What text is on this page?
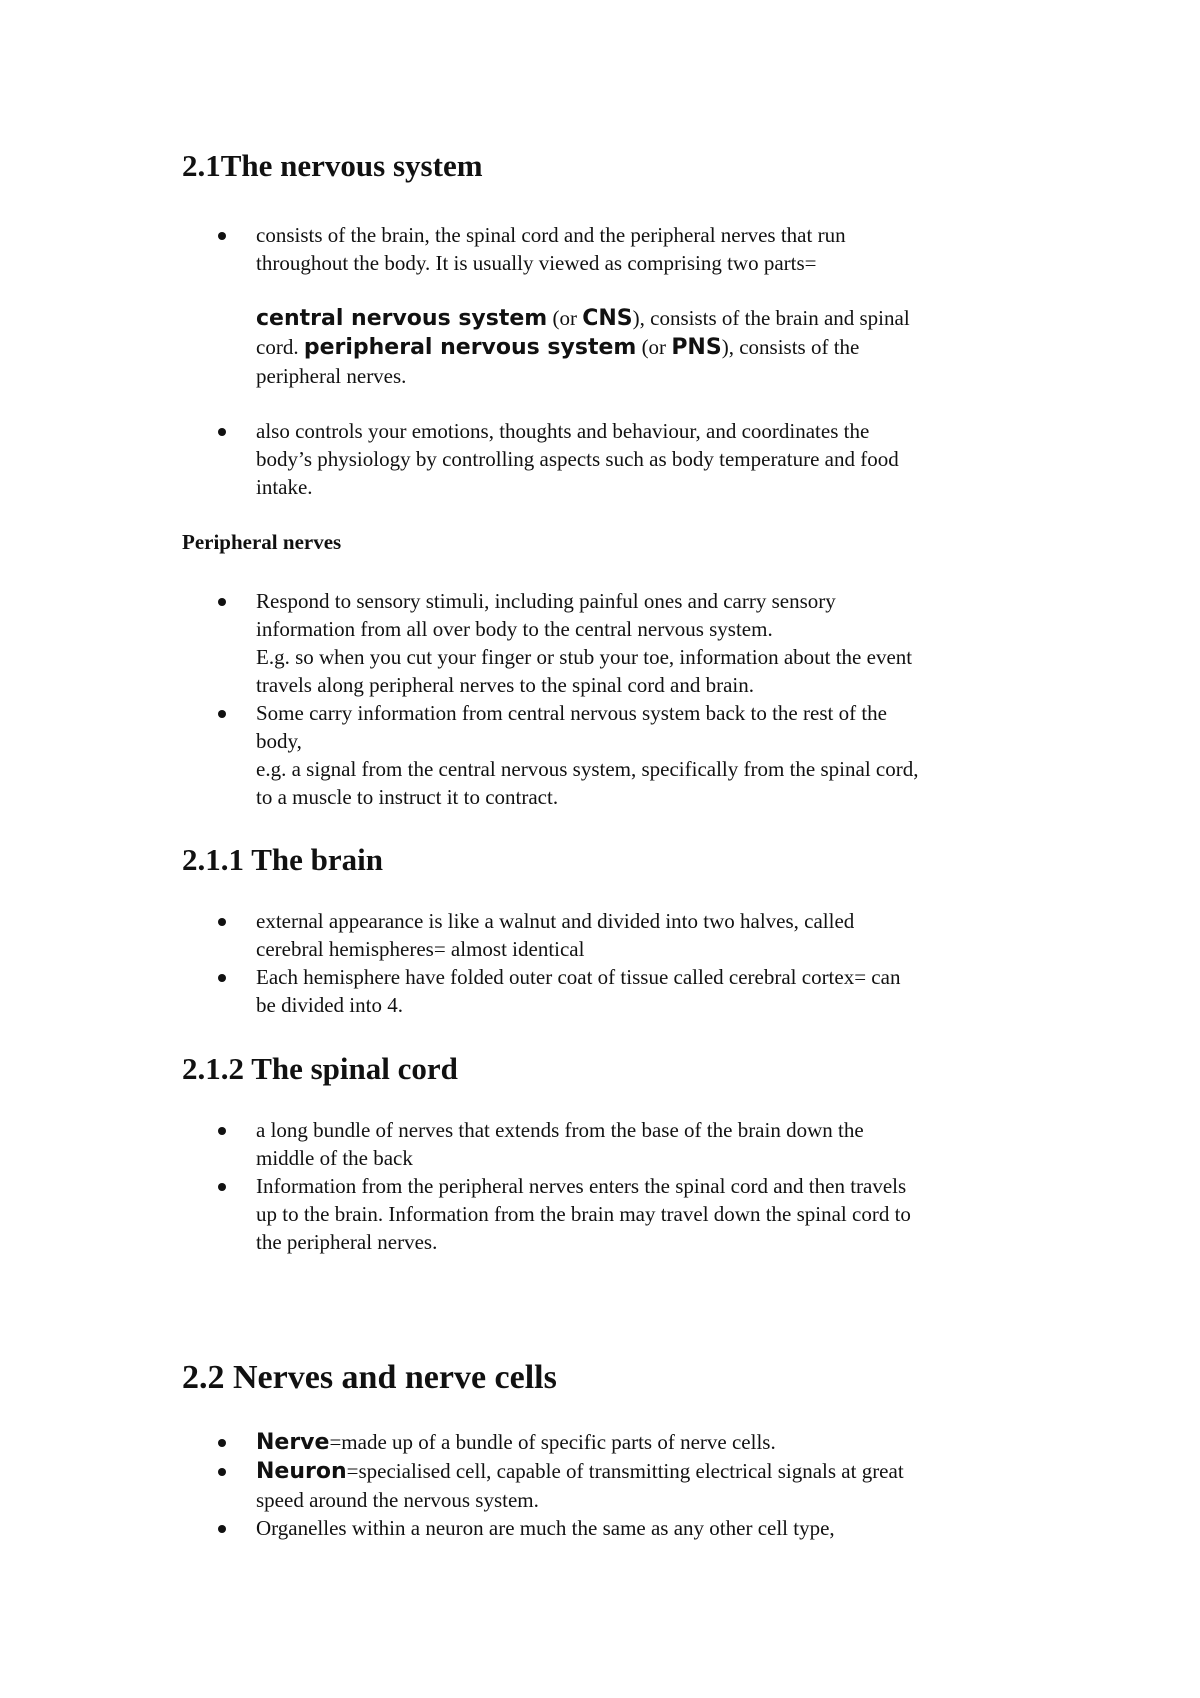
2.1The nervous system
consists of the brain, the spinal cord and the peripheral nerves that run
throughout the body. It is usually viewed as comprising two parts=
central nervous system (or CNS), consists of the brain and spinal
cord. peripheral nervous system (or PNS), consists of the
peripheral nerves.
also controls your emotions, thoughts and behaviour, and coordinates the
body’s physiology by controlling aspects such as body temperature and food
intake.
Peripheral nerves
Respond to sensory stimuli, including painful ones and carry sensory
information from all over body to the central nervous system.
E.g. so when you cut your finger or stub your toe, information about the event
travels along peripheral nerves to the spinal cord and brain.
Some carry information from central nervous system back to the rest of the
body,
e.g. a signal from the central nervous system, specifically from the spinal cord,
to a muscle to instruct it to contract.
2.1.1 The brain
external appearance is like a walnut and divided into two halves, called
cerebral hemispheres= almost identical
Each hemisphere have folded outer coat of tissue called cerebral cortex= can
be divided into 4.
2.1.2 The spinal cord
a long bundle of nerves that extends from the base of the brain down the
middle of the back
Information from the peripheral nerves enters the spinal cord and then travels
up to the brain. Information from the brain may travel down the spinal cord to
the peripheral nerves.
2.2 Nerves and nerve cells
Nerve=made up of a bundle of specific parts of nerve cells.
Neuron=specialised cell, capable of transmitting electrical signals at great
speed around the nervous system.
Organelles within a neuron are much the same as any other cell type,
